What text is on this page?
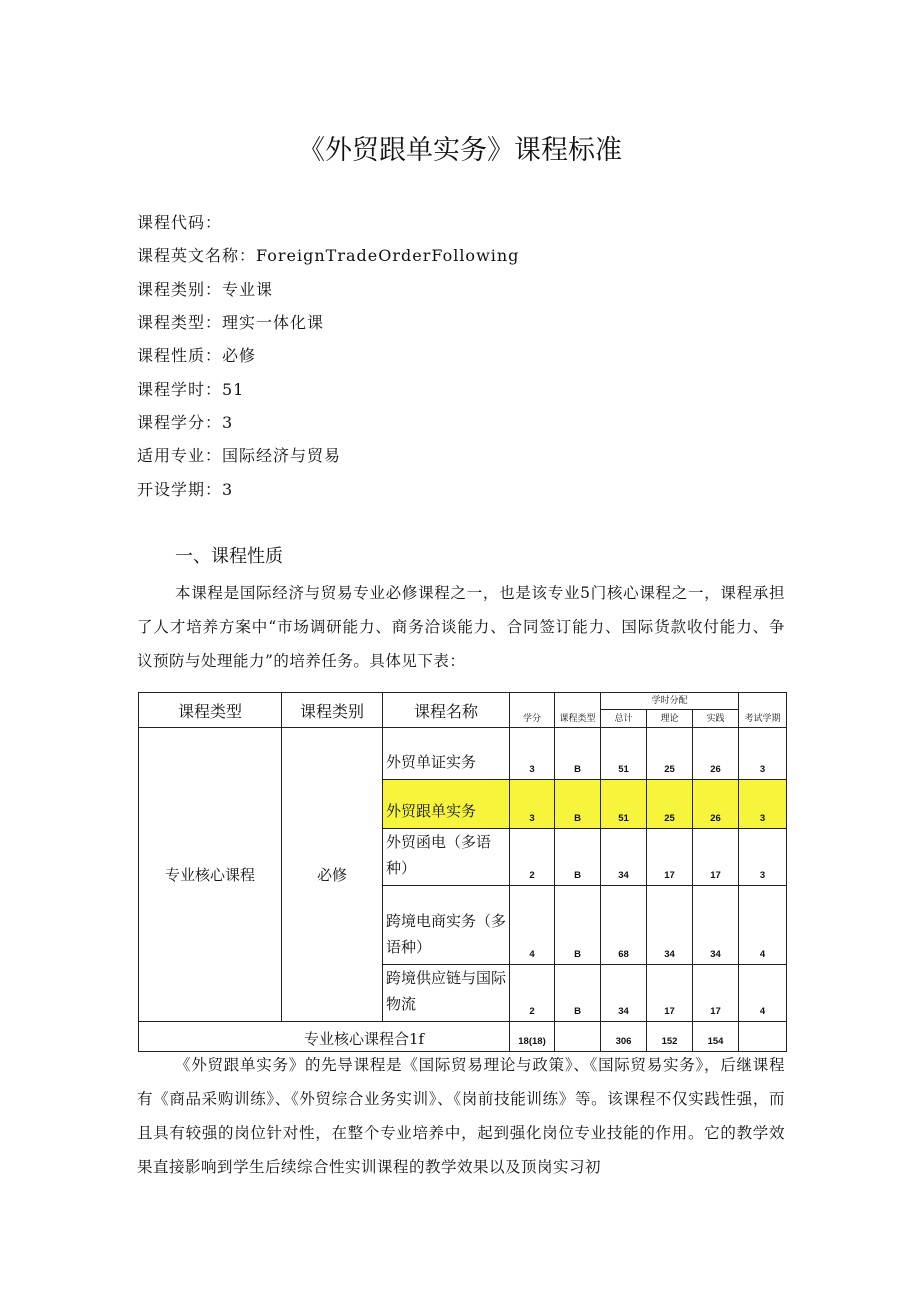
《外贸跟单实务》课程标准
课程代码：
课程英文名称：ForeignTradeOrderFollowing
课程类别：专业课
课程类型：理实一体化课
课程性质：必修
课程学时：51
课程学分：3
适用专业：国际经济与贸易
开设学期：3
一、课程性质
本课程是国际经济与贸易专业必修课程之一，也是该专业5门核心课程之一，课程承担了人才培养方案中“市场调研能力、商务洽谈能力、合同签订能力、国际货款收付能力、争议预防与处理能力”的培养任务。具体见下表：
课程类型	课程类别	课程名称	学分	课程类型	学时分配			考试学期
					总计	理论	实践	
专业核心课程	必修	外贸单证实务	3	B	51	25	26	3
		外贸跟单实务	3	B	51	25	26	3
		外贸函电（多语种）	2	B	34	17	17	3
		跨境电商实务（多语种）	4	B	68	34	34	4
		跨境供应链与国际物流	2	B	34	17	17	4
专业核心课程合1f			18(18)		306	152	154	
《外贸跟单实务》的先导课程是《国际贸易理论与政策》、《国际贸易实务》，后继课程有《商品采购训练》、《外贸综合业务实训》、《岗前技能训练》等。该课程不仅实践性强，而且具有较强的岗位针对性，在整个专业培养中，起到强化岗位专业技能的作用。它的教学效果直接影响到学生后续综合性实训课程的教学效果以及顶岗实习初
